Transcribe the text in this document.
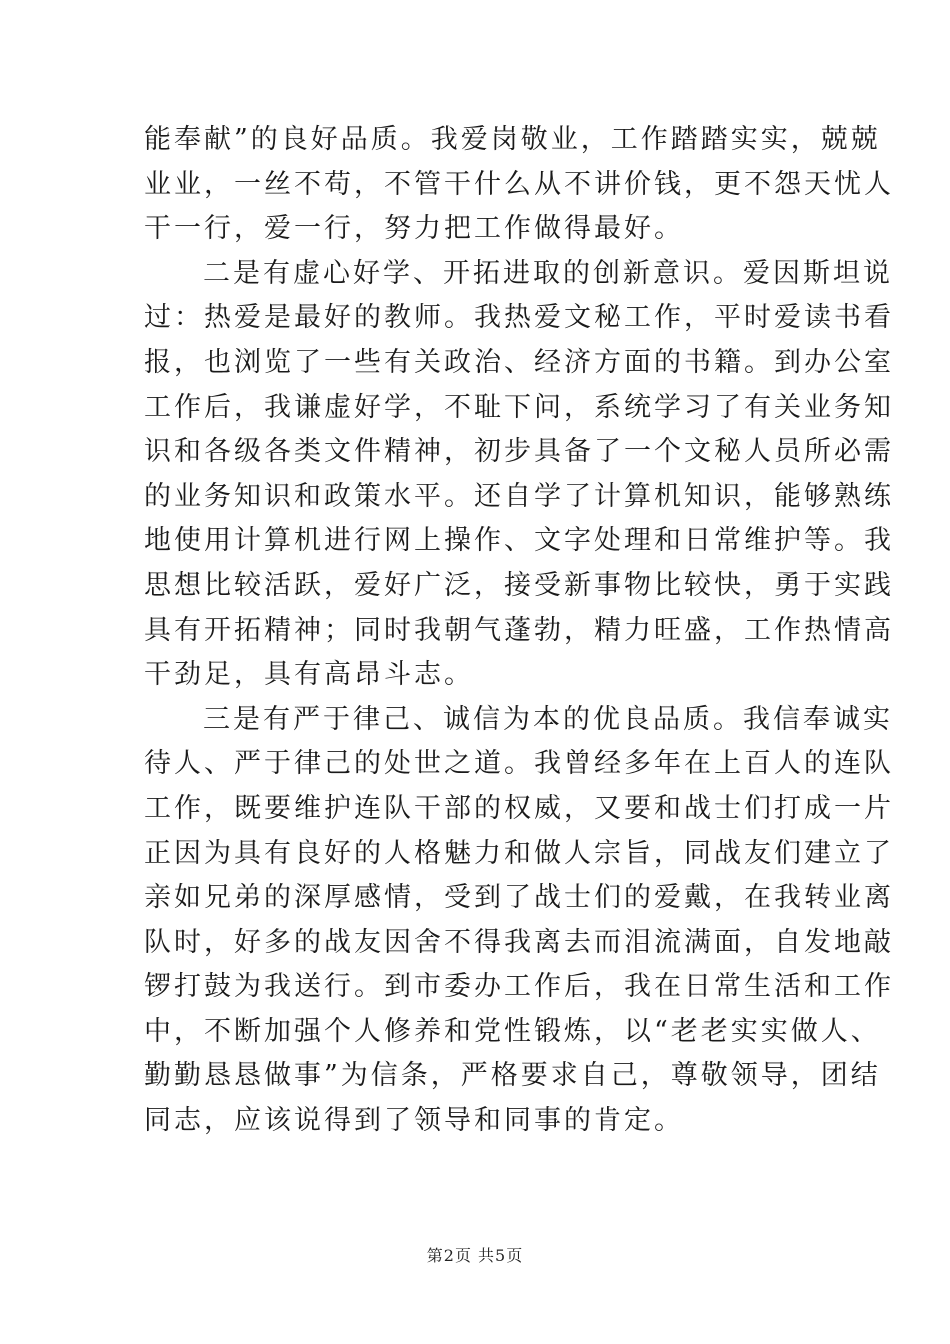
能奉献”的良好品质。我爱岗敬业，工作踏踏实实，兢兢
业业，一丝不苟，不管干什么从不讲价钱，更不怨天忧人
干一行，爱一行，努力把工作做得最好。
二是有虚心好学、开拓进取的创新意识。爱因斯坦说
过：热爱是最好的教师。我热爱文秘工作，平时爱读书看
报，也浏览了一些有关政治、经济方面的书籍。到办公室
工作后，我谦虚好学，不耻下问，系统学习了有关业务知
识和各级各类文件精神，初步具备了一个文秘人员所必需
的业务知识和政策水平。还自学了计算机知识，能够熟练
地使用计算机进行网上操作、文字处理和日常维护等。我
思想比较活跃，爱好广泛，接受新事物比较快，勇于实践
具有开拓精神；同时我朝气蓬勃，精力旺盛，工作热情高
干劲足，具有高昂斗志。
三是有严于律己、诚信为本的优良品质。我信奉诚实
待人、严于律己的处世之道。我曾经多年在上百人的连队
工作，既要维护连队干部的权威，又要和战士们打成一片
正因为具有良好的人格魅力和做人宗旨，同战友们建立了
亲如兄弟的深厚感情，受到了战士们的爱戴，在我转业离
队时，好多的战友因舍不得我离去而泪流满面，自发地敲
锣打鼓为我送行。到市委办工作后，我在日常生活和工作
中，不断加强个人修养和党性锻炼，以“老老实实做人、
勤勤恳恳做事”为信条，严格要求自己，尊敬领导，团结
同志，应该说得到了领导和同事的肯定。
第2页 共5页
